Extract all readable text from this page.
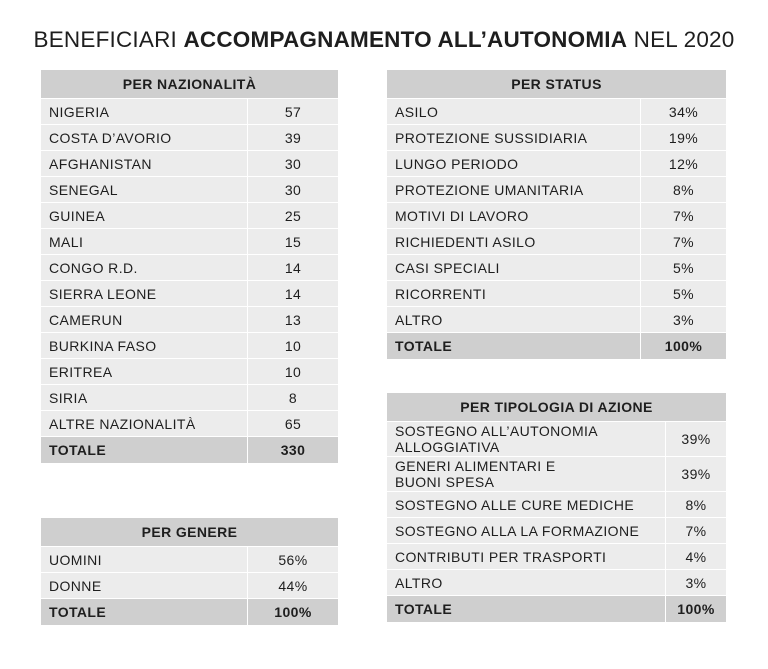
BENEFICIARI ACCOMPAGNAMENTO ALL’AUTONOMIA NEL 2020
PER NAZIONALITÀ	
NIGERIA	57
COSTA D’AVORIO	39
AFGHANISTAN	30
SENEGAL	30
GUINEA	25
MALI	15
CONGO R.D.	14
SIERRA LEONE	14
CAMERUN	13
BURKINA FASO	10
ERITREA	10
SIRIA	8
ALTRE NAZIONALITÀ	65
TOTALE	330
PER STATUS	
ASILO	34%
PROTEZIONE SUSSIDIARIA	19%
LUNGO PERIODO	12%
PROTEZIONE UMANITARIA	8%
MOTIVI DI LAVORO	7%
RICHIEDENTI ASILO	7%
CASI SPECIALI	5%
RICORRENTI	5%
ALTRO	3%
TOTALE	100%
PER TIPOLOGIA DI AZIONE	

SOSTEGNO ALL’AUTONOMIA
ALLOGGIATIVA	39%

GENERI ALIMENTARI E
BUONI SPESA	39%
SOSTEGNO ALLE CURE MEDICHE	8%
SOSTEGNO ALLA LA FORMAZIONE	7%
CONTRIBUTI PER TRASPORTI	4%
ALTRO	3%
TOTALE	100%
PER GENERE	
UOMINI	56%
DONNE	44%
TOTALE	100%
